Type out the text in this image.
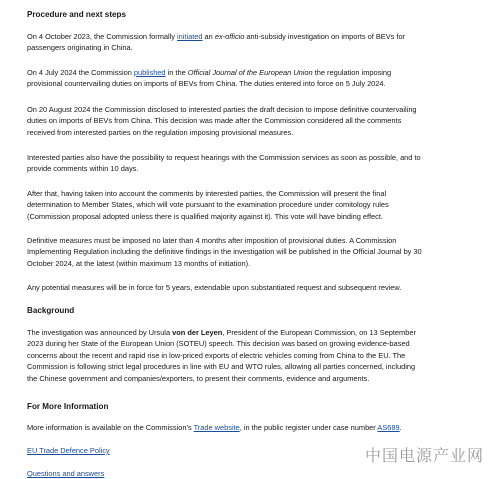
Procedure and next steps

On 4 October 2023, the Commission formally initiated an ex-officio anti-subsidy investigation on imports of BEVs for
passengers originating in China.

On 4 July 2024 the Commission published in the Official Journal of the European Union the regulation imposing
provisional countervailing duties on imports of BEVs from China. The duties entered into force on 5 July 2024.

On 20 August 2024 the Commission disclosed to interested parties the draft decision to impose definitive countervailing
duties on imports of BEVs from China. This decision was made after the Commission considered all the comments
received from interested parties on the regulation imposing provisional measures.

Interested parties also have the possibility to request hearings with the Commission services as soon as possible, and to
provide comments within 10 days.

After that, having taken into account the comments by interested parties, the Commission will present the final
determination to Member States, which will vote pursuant to the examination procedure under comitology rules
(Commission proposal adopted unless there is qualified majority against it). This vote will have binding effect.

Definitive measures must be imposed no later than 4 months after imposition of provisional duties. A Commission
Implementing Regulation including the definitive findings in the investigation will be published in the Official Journal by 30
October 2024, at the latest (within maximum 13 months of initiation).

Any potential measures will be in force for 5 years, extendable upon substantiated request and subsequent review.

Background

The investigation was announced by Ursula von der Leyen, President of the European Commission, on 13 September
2023 during her State of the European Union (SOTEU) speech. This decision was based on growing evidence-based
concerns about the recent and rapid rise in low-priced exports of electric vehicles coming from China to the EU. The
Commission is following strict legal procedures in line with EU and WTO rules, allowing all parties concerned, including
the Chinese government and companies/exporters, to present their comments, evidence and arguments.

For More Information

More information is available on the Commission’s Trade website, in the public register under case number AS689.

EU Trade Defence Policy

Questions and answers

中国电源产业网
